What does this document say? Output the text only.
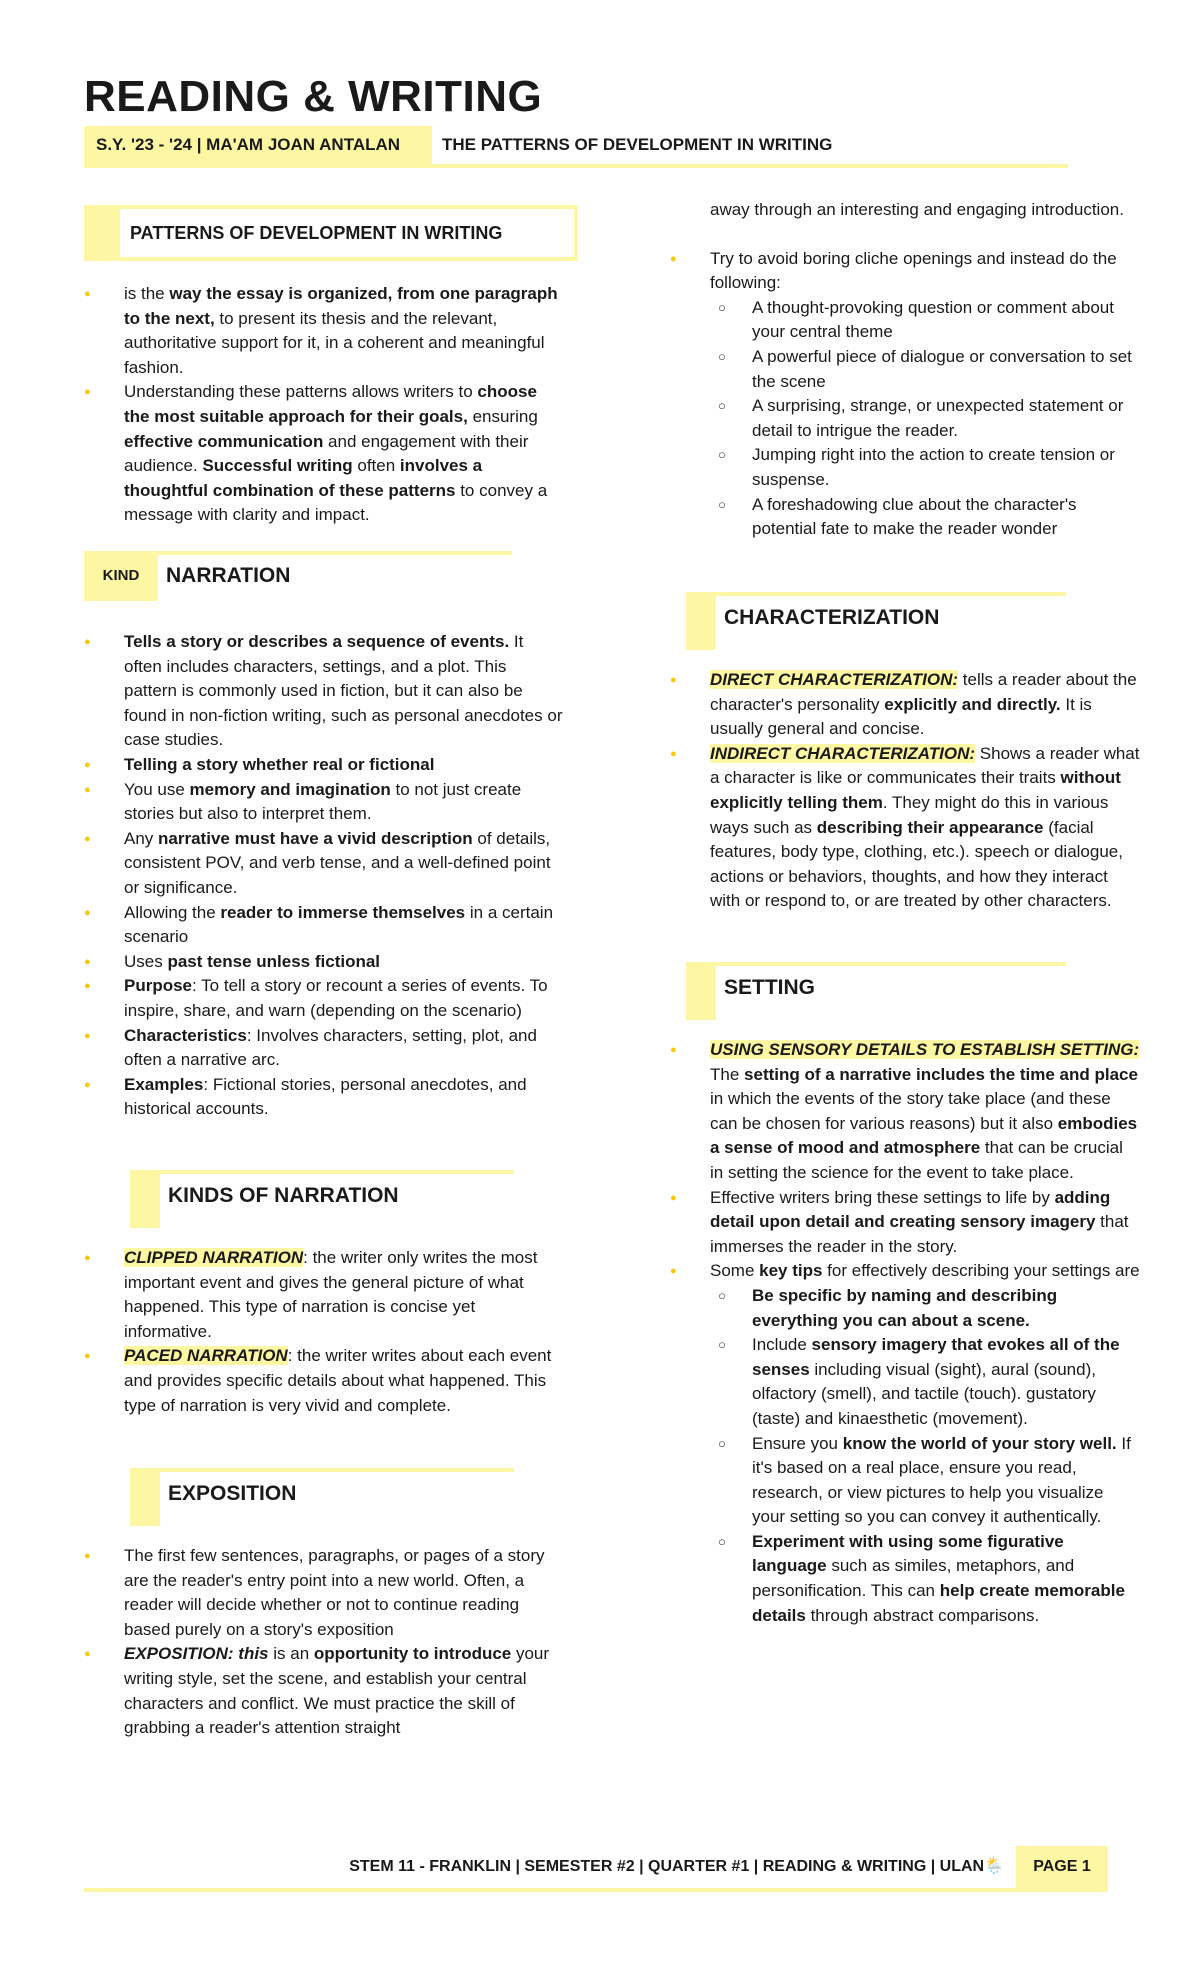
READING & WRITING
S.Y. '23 - '24 | MA'AM JOAN ANTALAN	THE PATTERNS OF DEVELOPMENT IN WRITING
PATTERNS OF DEVELOPMENT IN WRITING
KIND	NARRATION
KINDS OF NARRATION
EXPOSITION
CHARACTERIZATION
SETTING
● is the way the essay is organized, from one paragraph to the next, to present its thesis and the relevant, authoritative support for it, in a coherent and meaningful fashion.
● Understanding these patterns allows writers to choose the most suitable approach for their goals, ensuring effective communication and engagement with their audience. Successful writing often involves a thoughtful combination of these patterns to convey a message with clarity and impact.
● Tells a story or describes a sequence of events. It often includes characters, settings, and a plot. This pattern is commonly used in fiction, but it can also be found in non-fiction writing, such as personal anecdotes or case studies.
● Telling a story whether real or fictional
● You use memory and imagination to not just create stories but also to interpret them.
● Any narrative must have a vivid description of details, consistent POV, and verb tense, and a well-defined point or significance.
● Allowing the reader to immerse themselves in a certain scenario
● Uses past tense unless fictional
● Purpose: To tell a story or recount a series of events. To inspire, share, and warn (depending on the scenario)
● Characteristics: Involves characters, setting, plot, and often a narrative arc.
● Examples: Fictional stories, personal anecdotes, and historical accounts.
● CLIPPED NARRATION: the writer only writes the most important event and gives the general picture of what happened. This type of narration is concise yet informative.
● PACED NARRATION: the writer writes about each event and provides specific details about what happened. This type of narration is very vivid and complete.
● The first few sentences, paragraphs, or pages of a story are the reader's entry point into a new world. Often, a reader will decide whether or not to continue reading based purely on a story's exposition
● EXPOSITION: this is an opportunity to introduce your writing style, set the scene, and establish your central characters and conflict. We must practice the skill of grabbing a reader's attention straight
away through an interesting and engaging introduction.
● Try to avoid boring cliche openings and instead do the following:
○ A thought-provoking question or comment about your central theme
○ A powerful piece of dialogue or conversation to set the scene
○ A surprising, strange, or unexpected statement or detail to intrigue the reader.
○ Jumping right into the action to create tension or suspense.
○ A foreshadowing clue about the character's potential fate to make the reader wonder
● DIRECT CHARACTERIZATION: tells a reader about the character's personality explicitly and directly. It is usually general and concise.
● INDIRECT CHARACTERIZATION: Shows a reader what a character is like or communicates their traits without explicitly telling them. They might do this in various ways such as describing their appearance (facial features, body type, clothing, etc.). speech or dialogue, actions or behaviors, thoughts, and how they interact with or respond to, or are treated by other characters.
● USING SENSORY DETAILS TO ESTABLISH SETTING: The setting of a narrative includes the time and place in which the events of the story take place (and these can be chosen for various reasons) but it also embodies a sense of mood and atmosphere that can be crucial in setting the science for the event to take place.
● Effective writers bring these settings to life by adding detail upon detail and creating sensory imagery that immerses the reader in the story.
● Some key tips for effectively describing your settings are
○ Be specific by naming and describing everything you can about a scene.
○ Include sensory imagery that evokes all of the senses including visual (sight), aural (sound), olfactory (smell), and tactile (touch). gustatory (taste) and kinaesthetic (movement).
○ Ensure you know the world of your story well. If it's based on a real place, ensure you read, research, or view pictures to help you visualize your setting so you can convey it authentically.
○ Experiment with using some figurative language such as similes, metaphors, and personification. This can help create memorable details through abstract comparisons.
STEM 11 - FRANKLIN | SEMESTER #2 | QUARTER #1 | READING & WRITING | ULAN🌦️	PAGE 1
